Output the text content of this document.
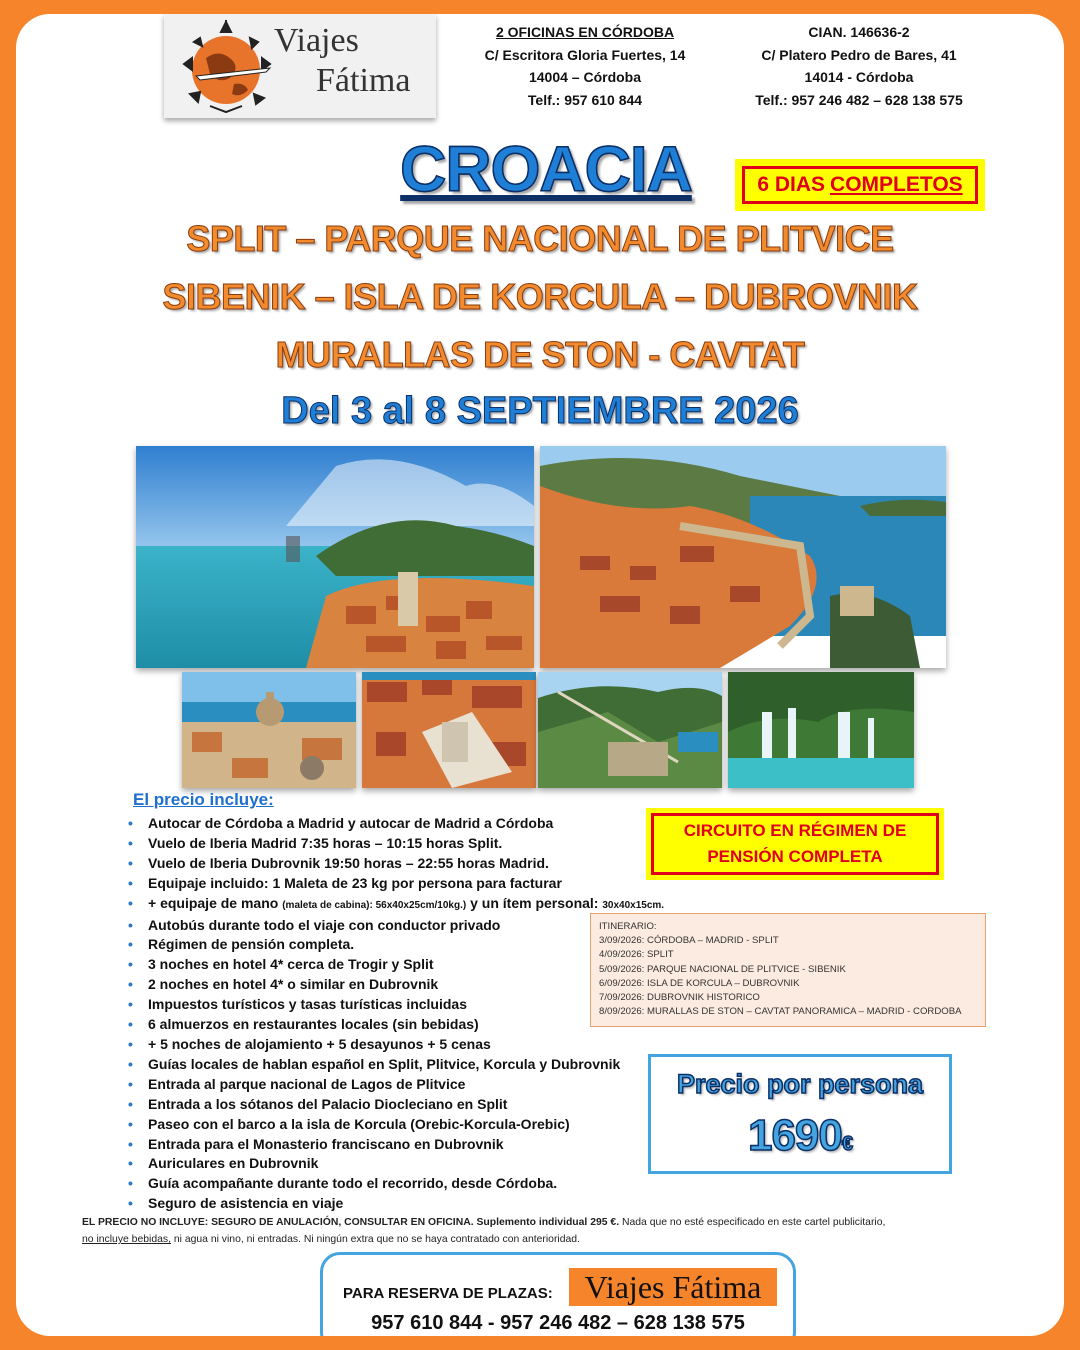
Viajes
Fátima
2 OFICINAS EN CÓRDOBA
C/ Escritora Gloria Fuertes, 14
14004 – Córdoba
Telf.: 957 610 844
CIAN. 146636-2
C/ Platero Pedro de Bares, 41
14014 - Córdoba
Telf.: 957 246 482 – 628 138 575
CROACIA	6 DIAS COMPLETOS
SPLIT – PARQUE NACIONAL DE PLITVICE
SIBENIK – ISLA DE KORCULA – DUBROVNIK
MURALLAS DE STON - CAVTAT
Del 3 al 8 SEPTIEMBRE 2026
El precio incluye:
• Autocar de Córdoba a Madrid y autocar de Madrid a Córdoba
• Vuelo de Iberia Madrid 7:35 horas – 10:15 horas Split.
• Vuelo de Iberia Dubrovnik 19:50 horas – 22:55 horas Madrid.
• Equipaje incluido: 1 Maleta de 23 kg por persona para facturar
• + equipaje de mano (maleta de cabina): 56x40x25cm/10kg.) y un ítem personal: 30x40x15cm.
• Autobús durante todo el viaje con conductor privado
• Régimen de pensión completa.
• 3 noches en hotel 4* cerca de Trogir y Split
• 2 noches en hotel 4* o similar en Dubrovnik
• Impuestos turísticos y tasas turísticas incluidas
• 6 almuerzos en restaurantes locales (sin bebidas)
• + 5 noches de alojamiento + 5 desayunos + 5 cenas
• Guías locales de hablan español en Split, Plitvice, Korcula y Dubrovnik
• Entrada al parque nacional de Lagos de Plitvice
• Entrada a los sótanos del Palacio Diocleciano en Split
• Paseo con el barco a la isla de Korcula (Orebic-Korcula-Orebic)
• Entrada para el Monasterio franciscano en Dubrovnik
• Auriculares en Dubrovnik
• Guía acompañante durante todo el recorrido, desde Córdoba.
• Seguro de asistencia en viaje
CIRCUITO EN RÉGIMEN DE
PENSIÓN COMPLETA
ITINERARIO:
3/09/2026: CÓRDOBA – MADRID - SPLIT
4/09/2026: SPLIT
5/09/2026: PARQUE NACIONAL DE PLITVICE - SIBENIK
6/09/2026: ISLA DE KORCULA – DUBROVNIK
7/09/2026: DUBROVNIK HISTORICO
8/09/2026: MURALLAS DE STON – CAVTAT PANORAMICA – MADRID - CORDOBA
Precio por persona
1690€
EL PRECIO NO INCLUYE: SEGURO DE ANULACIÓN, CONSULTAR EN OFICINA. Suplemento individual 295 €. Nada que no esté especificado en este cartel publicitario,
no incluye bebidas, ni agua ni vino, ni entradas. Ni ningún extra que no se haya contratado con anterioridad.
PARA RESERVA DE PLAZAS: Viajes Fátima
957 610 844 - 957 246 482 – 628 138 575
